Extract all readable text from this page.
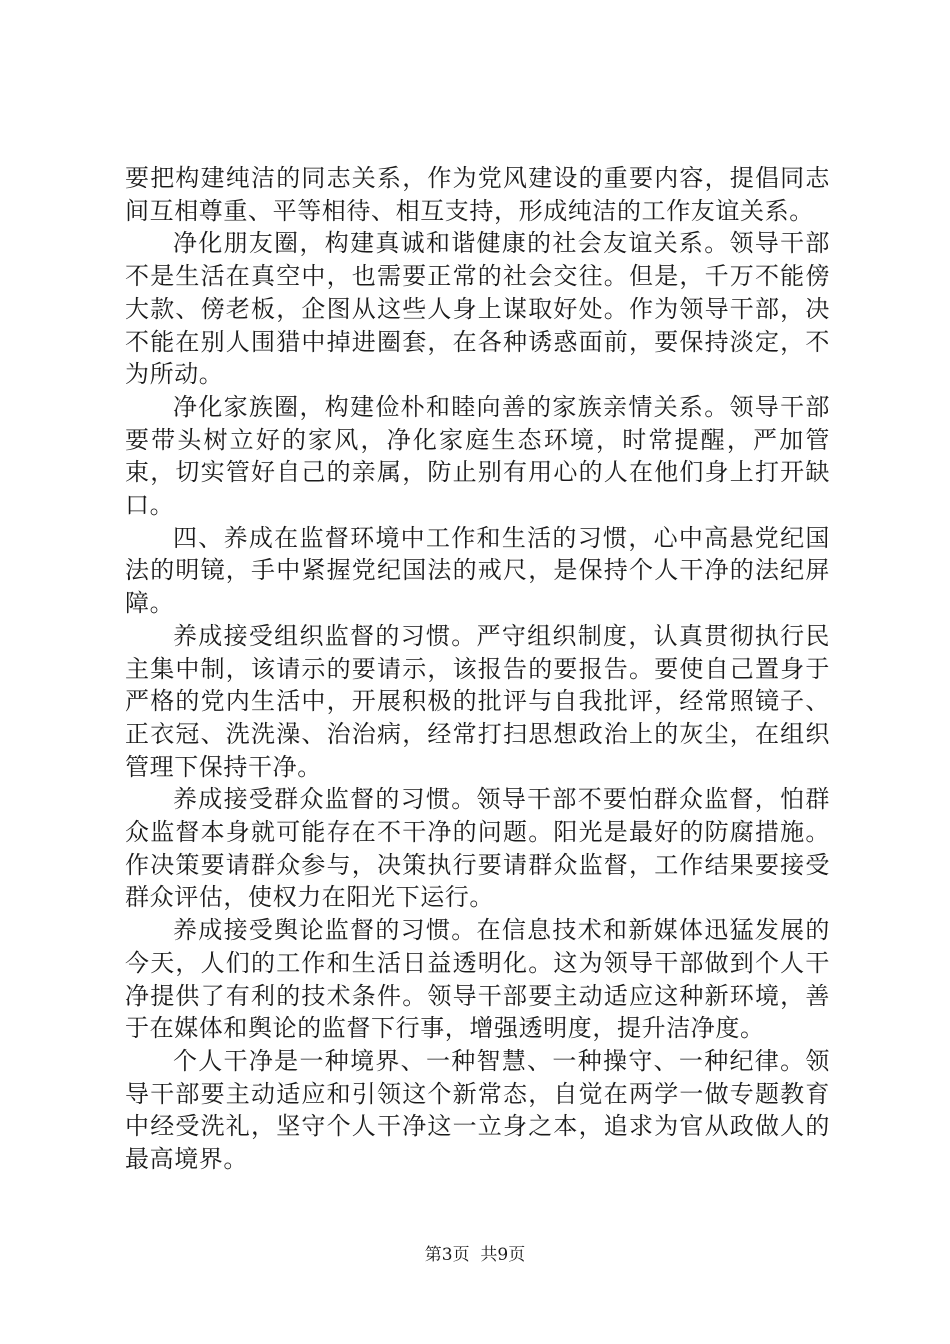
要把构建纯洁的同志关系，作为党风建设的重要内容，提倡同志间互相尊重、平等相待、相互支持，形成纯洁的工作友谊关系。

净化朋友圈，构建真诚和谐健康的社会友谊关系。领导干部不是生活在真空中，也需要正常的社会交往。但是，千万不能傍大款、傍老板，企图从这些人身上谋取好处。作为领导干部，决不能在别人围猎中掉进圈套，在各种诱惑面前，要保持淡定，不为所动。

净化家族圈，构建俭朴和睦向善的家族亲情关系。领导干部要带头树立好的家风，净化家庭生态环境，时常提醒，严加管束，切实管好自己的亲属，防止别有用心的人在他们身上打开缺口。

四、养成在监督环境中工作和生活的习惯，心中高悬党纪国法的明镜，手中紧握党纪国法的戒尺，是保持个人干净的法纪屏障。

养成接受组织监督的习惯。严守组织制度，认真贯彻执行民主集中制，该请示的要请示，该报告的要报告。要使自己置身于严格的党内生活中，开展积极的批评与自我批评，经常照镜子、正衣冠、洗洗澡、治治病，经常打扫思想政治上的灰尘，在组织管理下保持干净。

养成接受群众监督的习惯。领导干部不要怕群众监督，怕群众监督本身就可能存在不干净的问题。阳光是最好的防腐措施。作决策要请群众参与，决策执行要请群众监督，工作结果要接受群众评估，使权力在阳光下运行。

养成接受舆论监督的习惯。在信息技术和新媒体迅猛发展的今天，人们的工作和生活日益透明化。这为领导干部做到个人干净提供了有利的技术条件。领导干部要主动适应这种新环境，善于在媒体和舆论的监督下行事，增强透明度，提升洁净度。

个人干净是一种境界、一种智慧、一种操守、一种纪律。领导干部要主动适应和引领这个新常态，自觉在两学一做专题教育中经受洗礼，坚守个人干净这一立身之本，追求为官从政做人的最高境界。

第3页  共9页
